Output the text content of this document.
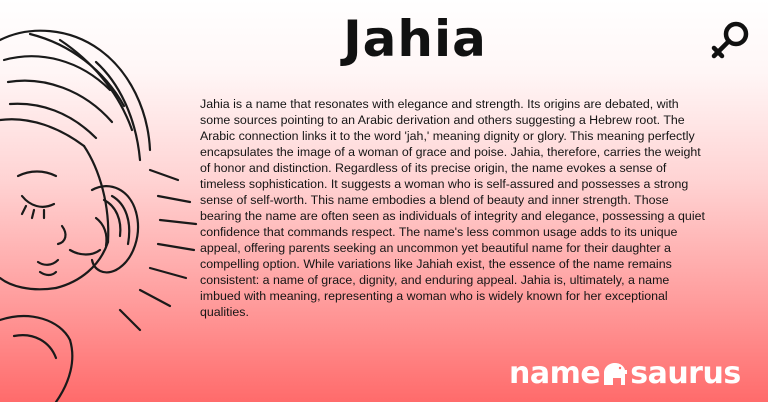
Jahia

Jahia is a name that resonates with elegance and strength. Its origins are debated, with some sources pointing to an Arabic derivation and others suggesting a Hebrew root. The Arabic connection links it to the word 'jah,' meaning dignity or glory. This meaning perfectly encapsulates the image of a woman of grace and poise. Jahia, therefore, carries the weight of honor and distinction. Regardless of its precise origin, the name evokes a sense of timeless sophistication. It suggests a woman who is self-assured and possesses a strong sense of self-worth. This name embodies a blend of beauty and inner strength. Those bearing the name are often seen as individuals of integrity and elegance, possessing a quiet confidence that commands respect. The name's less common usage adds to its unique appeal, offering parents seeking an uncommon yet beautiful name for their daughter a compelling option. While variations like Jahiah exist, the essence of the name remains consistent: a name of grace, dignity, and enduring appeal. Jahia is, ultimately, a name imbued with meaning, representing a woman who is widely known for her exceptional qualities.

name saurus
